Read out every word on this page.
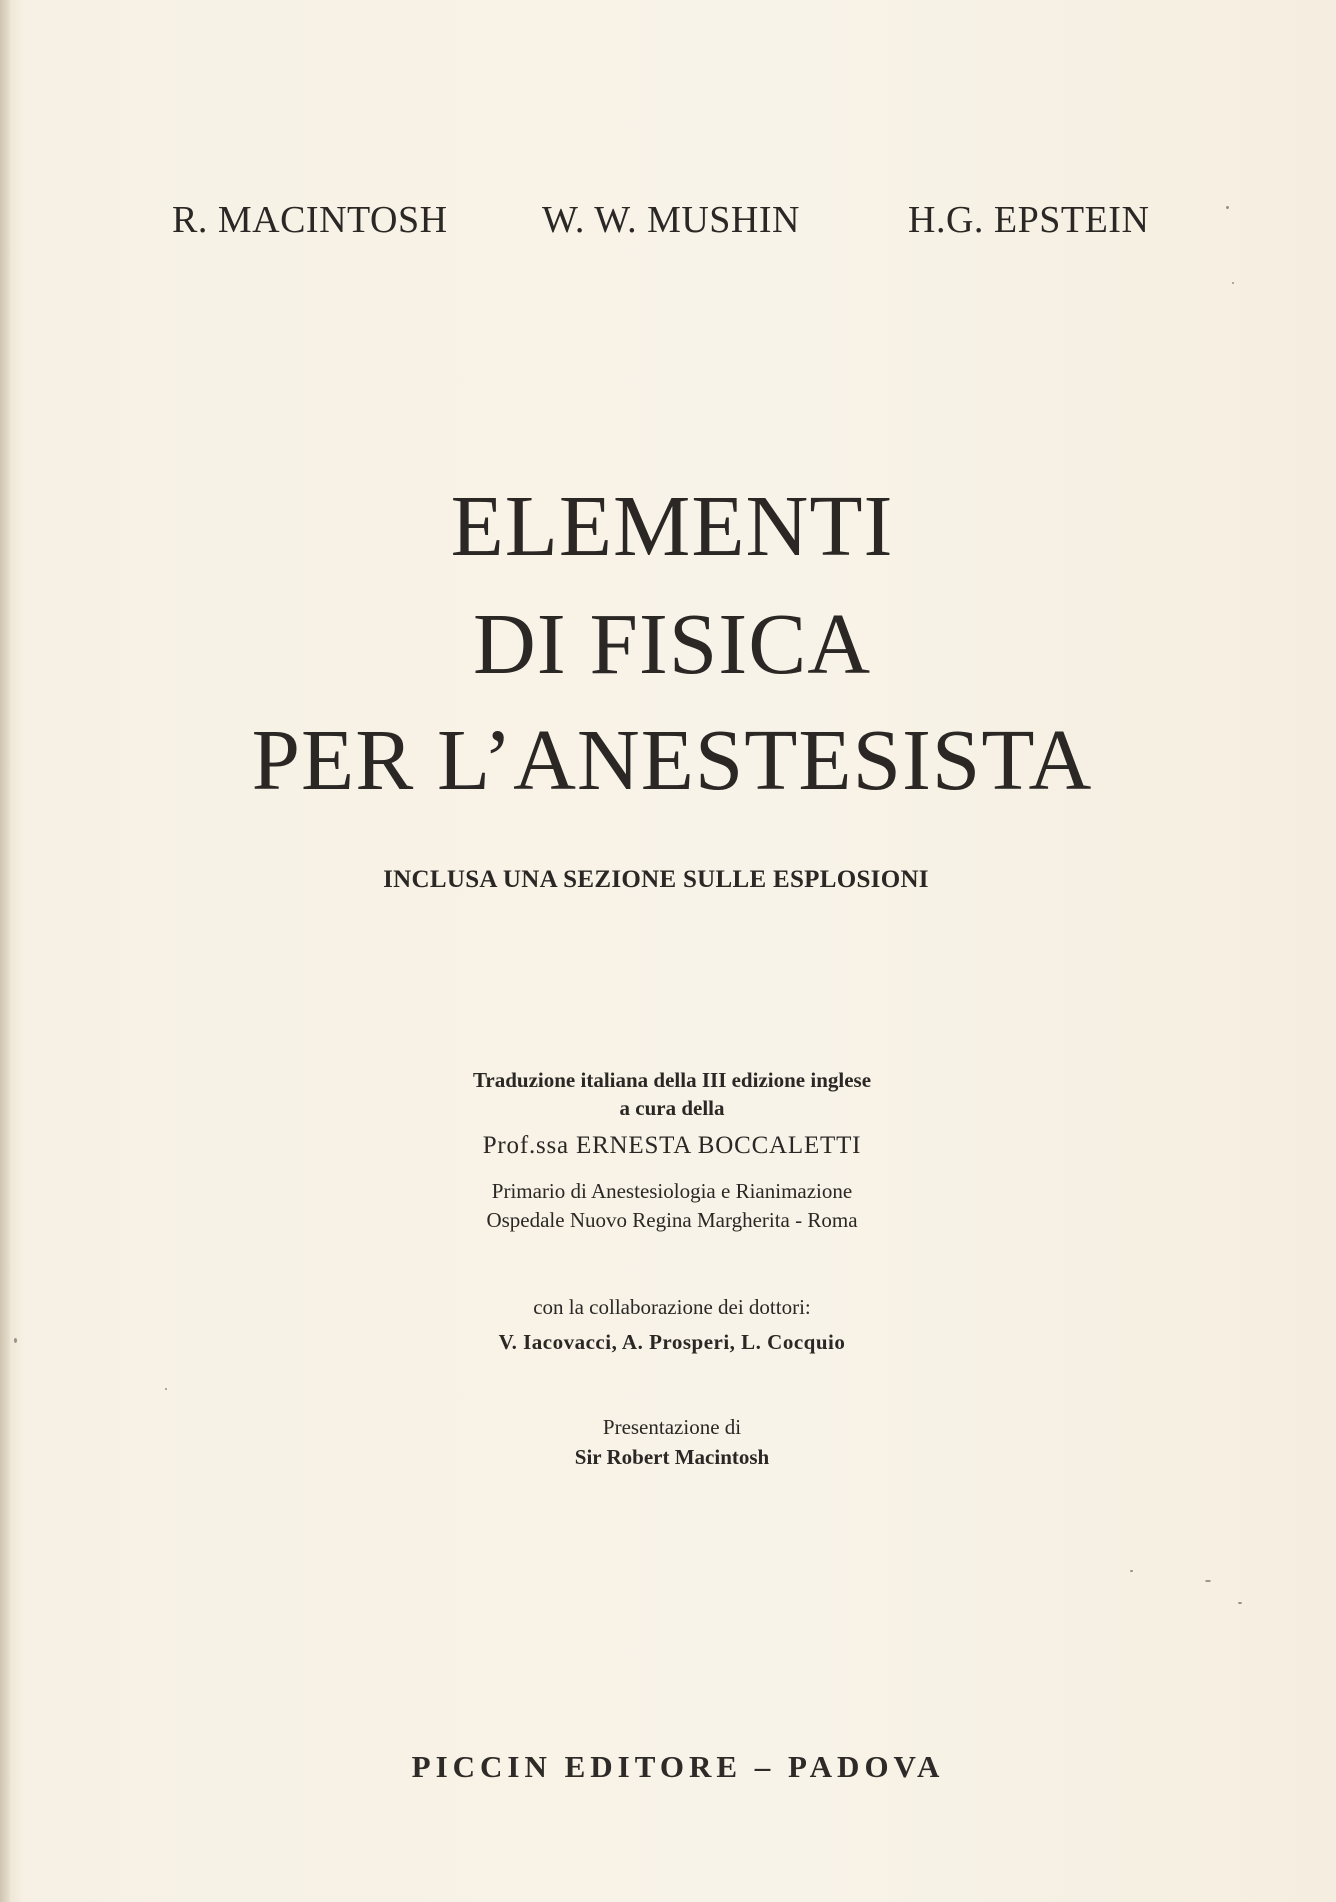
R. MACINTOSH W. W. MUSHIN	H.G. EPSTEIN
ELEMENTI
DI FISICA
PER L’ANESTESISTA
INCLUSA UNA SEZIONE SULLE ESPLOSIONI
Traduzione italiana della III edizione inglese
a cura della
Prof.ssa ERNESTA BOCCALETTI
Primario di Anestesiologia e Rianimazione
Ospedale Nuovo Regina Margherita - Roma
con la collaborazione dei dottori:
V. Iacovacci, A. Prosperi, L. Cocquio
Presentazione di
Sir Robert Macintosh
PICCIN EDITORE – PADOVA
